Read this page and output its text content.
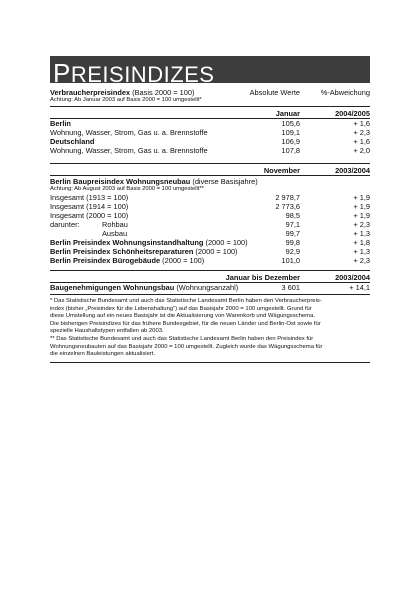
PREISINDIZES
Verbraucherpreisindex (Basis 2000 = 100)	Absolute Werte	%-Abweichung
Achtung: Ab Januar 2003 auf Basis 2000 = 100 umgestellt*
Januar	2004/2005
Berlin	105,6	+ 1,6
Wohnung, Wasser, Strom, Gas u. a. Brennstoffe	109,1	+ 2,3
Deutschland	106,9	+ 1,6
Wohnung, Wasser, Strom, Gas u. a. Brennstoffe	107,8	+ 2,0
November	2003/2004
Berlin Baupreisindex Wohnungsneubau (diverse Basisjahre)
Achtung: Ab August 2003 auf Basis 2000 = 100 umgestellt**
Insgesamt (1913 = 100)	2 978,7	+ 1,9
Insgesamt (1914 = 100)	2 773,6	+ 1,9
Insgesamt (2000 = 100)	98,5	+ 1,9
darunter:	Rohbau	97,1	+ 2,3
Ausbau	99,7	+ 1,3
Berlin Preisindex Wohnungsinstandhaltung (2000 = 100)	99,8	+ 1,8
Berlin Preisindex Schönheitsreparaturen (2000 = 100)	92,9	+ 1,3
Berlin Preisindex Bürogebäude (2000 = 100)	101,0	+ 2,3
Januar bis Dezember	2003/2004
Baugenehmigungen Wohnungsbau (Wohnungsanzahl)	3 601	+ 14,1

* Das Statistische Bundesamt und auch das Statistische Landesamt Berlin haben den Verbraucherpreis-

index (bisher „Preisindex für die Lebenshaltung“) auf das Basisjahr 2000 = 100 umgestellt. Grund für

diese Umstellung auf ein neues Basisjahr ist die Aktualisierung von Warenkorb und Wägungsschema.

Die bisherigen Preisindizes für das frühere Bundesgebiet, für die neuen Länder und Berlin-Ost sowie für

spezielle Haushaltstypen entfallen ab 2003.

** Das Statistische Bundesamt und auch das Statistische Landesamt Berlin haben den Preisindex für

Wohnungsneubauten auf das Basisjahr 2000 = 100 umgestellt. Zugleich wurde das Wägungsschema für

die einzelnen Bauleistungen aktualisiert.
